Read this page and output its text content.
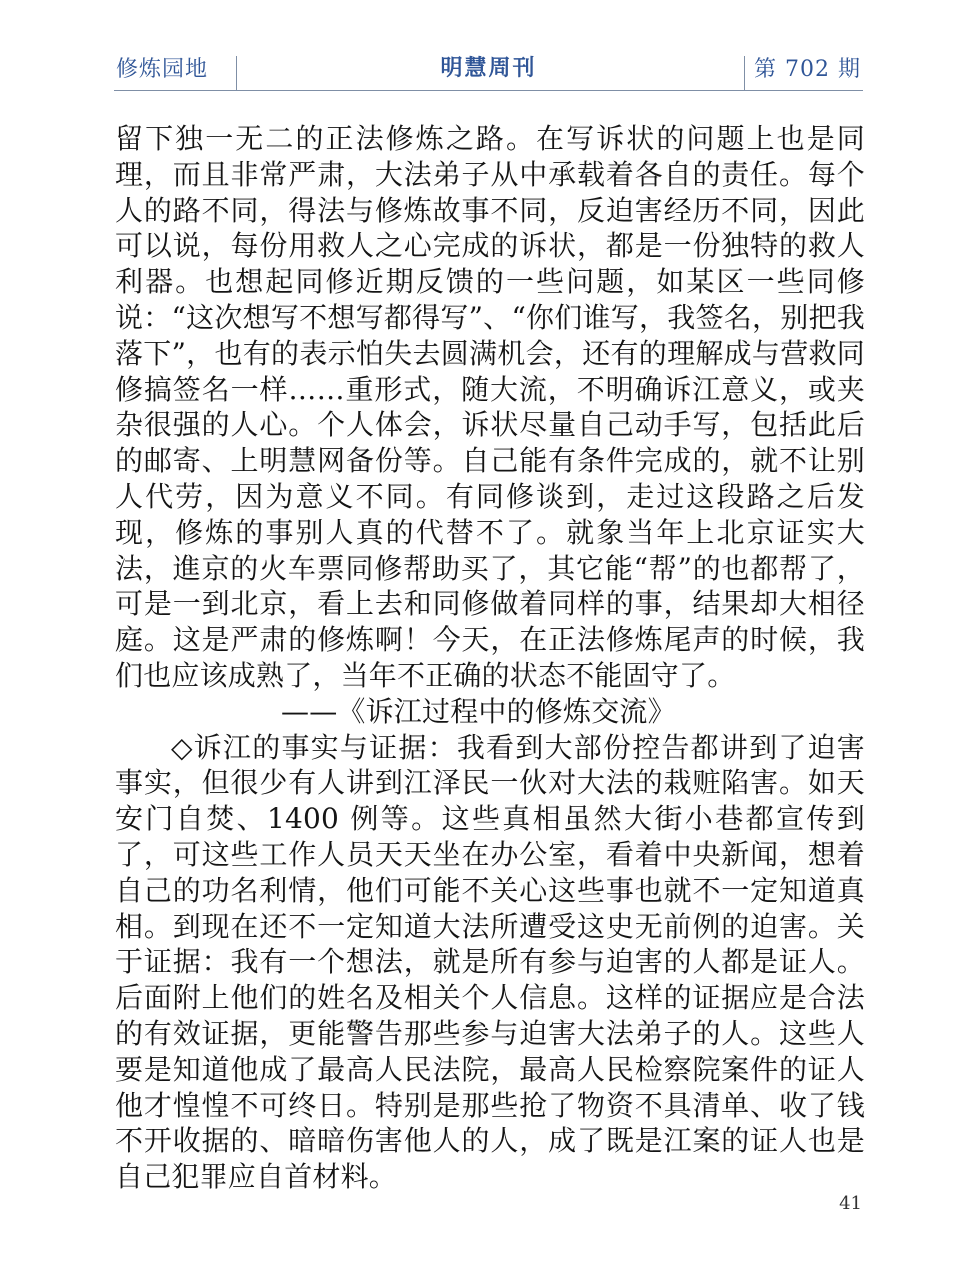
修炼园地	明慧周刊	第 702 期

留下独一无二的正法修炼之路。在写诉状的问题上也是同理，而且非常严肃，大法弟子从中承载着各自的责任。每个人的路不同，得法与修炼故事不同，反迫害经历不同，因此可以说，每份用救人之心完成的诉状，都是一份独特的救人利器。也想起同修近期反馈的一些问题，如某区一些同修说：“这次想写不想写都得写”、“你们谁写，我签名，别把我落下”，也有的表示怕失去圆满机会，还有的理解成与营救同修搞签名一样……重形式，随大流，不明确诉江意义，或夹杂很强的人心。个人体会，诉状尽量自己动手写，包括此后的邮寄、上明慧网备份等。自己能有条件完成的，就不让别人代劳，因为意义不同。有同修谈到，走过这段路之后发现，修炼的事别人真的代替不了。就象当年上北京证实大法，進京的火车票同修帮助买了，其它能“帮”的也都帮了，可是一到北京，看上去和同修做着同样的事，结果却大相径庭。这是严肃的修炼啊！今天，在正法修炼尾声的时候，我们也应该成熟了，当年不正确的状态不能固守了。

——《诉江过程中的修炼交流》

◇诉江的事实与证据：我看到大部份控告都讲到了迫害事实，但很少有人讲到江泽民一伙对大法的栽赃陷害。如天安门自焚、1400 例等。这些真相虽然大街小巷都宣传到了，可这些工作人员天天坐在办公室，看着中央新闻，想着自己的功名利情，他们可能不关心这些事也就不一定知道真相。到现在还不一定知道大法所遭受这史无前例的迫害。关于证据：我有一个想法，就是所有参与迫害的人都是证人。后面附上他们的姓名及相关个人信息。这样的证据应是合法的有效证据，更能警告那些参与迫害大法弟子的人。这些人要是知道他成了最高人民法院，最高人民检察院案件的证人他才惶惶不可终日。特别是那些抢了物资不具清单、收了钱不开收据的、暗暗伤害他人的人，成了既是江案的证人也是自己犯罪应自首材料。

41
